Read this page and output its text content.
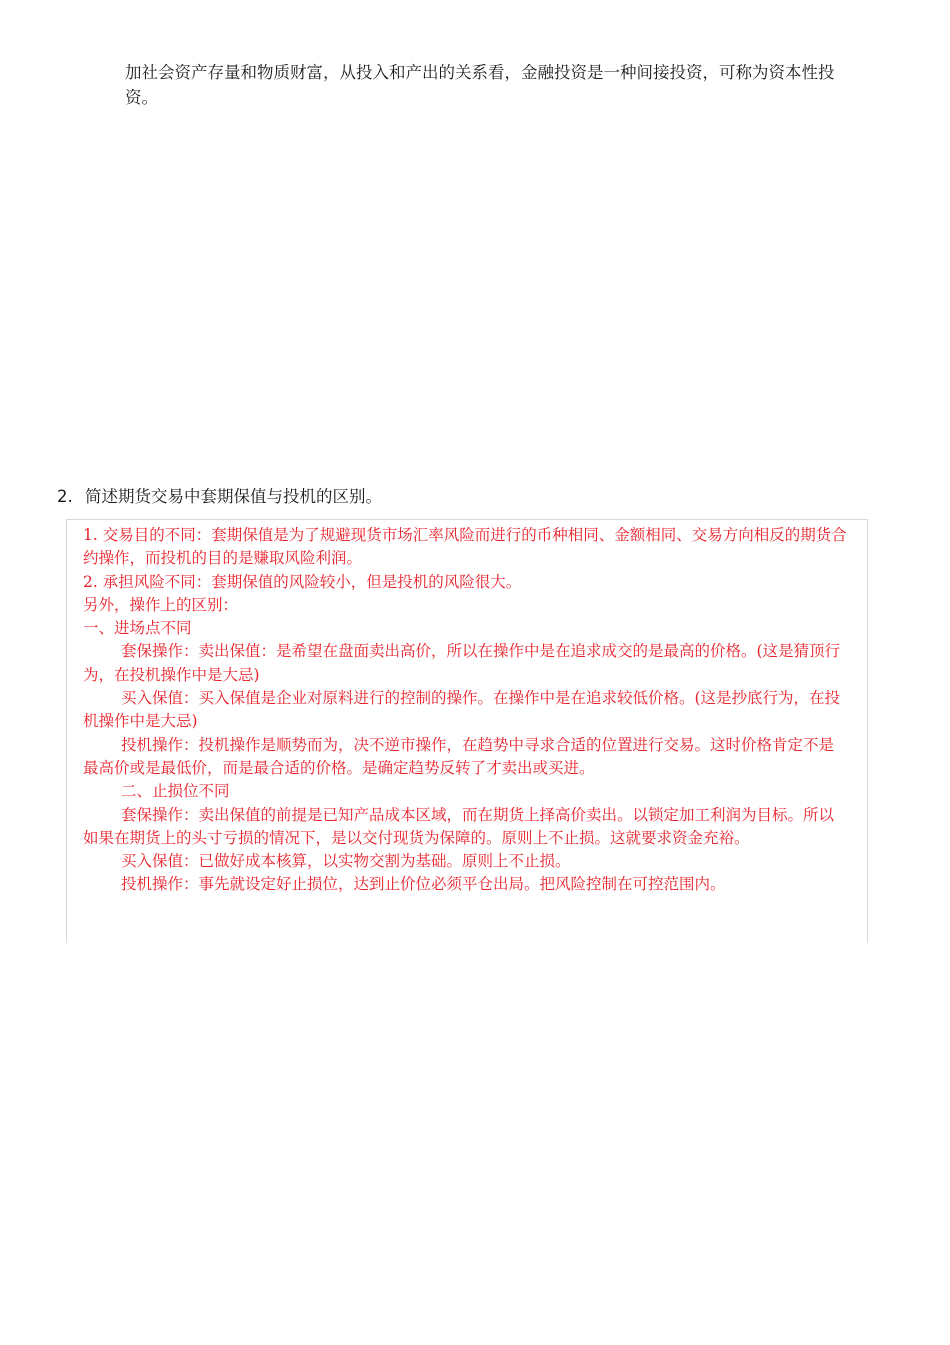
加社会资产存量和物质财富，从投入和产出的关系看，金融投资是一种间接投资，可称为资本性投资。

2. 简述期货交易中套期保值与投机的区别。

1. 交易目的不同：套期保值是为了规避现货市场汇率风险而进行的币种相同、金额相同、交易方向相反的期货合约操作，而投机的目的是赚取风险利润。

2. 承担风险不同：套期保值的风险较小，但是投机的风险很大。

另外，操作上的区别：

一、进场点不同

套保操作：卖出保值：是希望在盘面卖出高价，所以在操作中是在追求成交的是最高的价格。(这是猜顶行为，在投机操作中是大忌)

买入保值：买入保值是企业对原料进行的控制的操作。在操作中是在追求较低价格。(这是抄底行为，在投机操作中是大忌)

投机操作：投机操作是顺势而为，决不逆市操作，在趋势中寻求合适的位置进行交易。这时价格肯定不是最高价或是最低价，而是最合适的价格。是确定趋势反转了才卖出或买进。

二、止损位不同

套保操作：卖出保值的前提是已知产品成本区域，而在期货上择高价卖出。以锁定加工利润为目标。所以如果在期货上的头寸亏损的情况下，是以交付现货为保障的。原则上不止损。这就要求资金充裕。

买入保值：已做好成本核算，以实物交割为基础。原则上不止损。

投机操作：事先就设定好止损位，达到止价位必须平仓出局。把风险控制在可控范围内。
